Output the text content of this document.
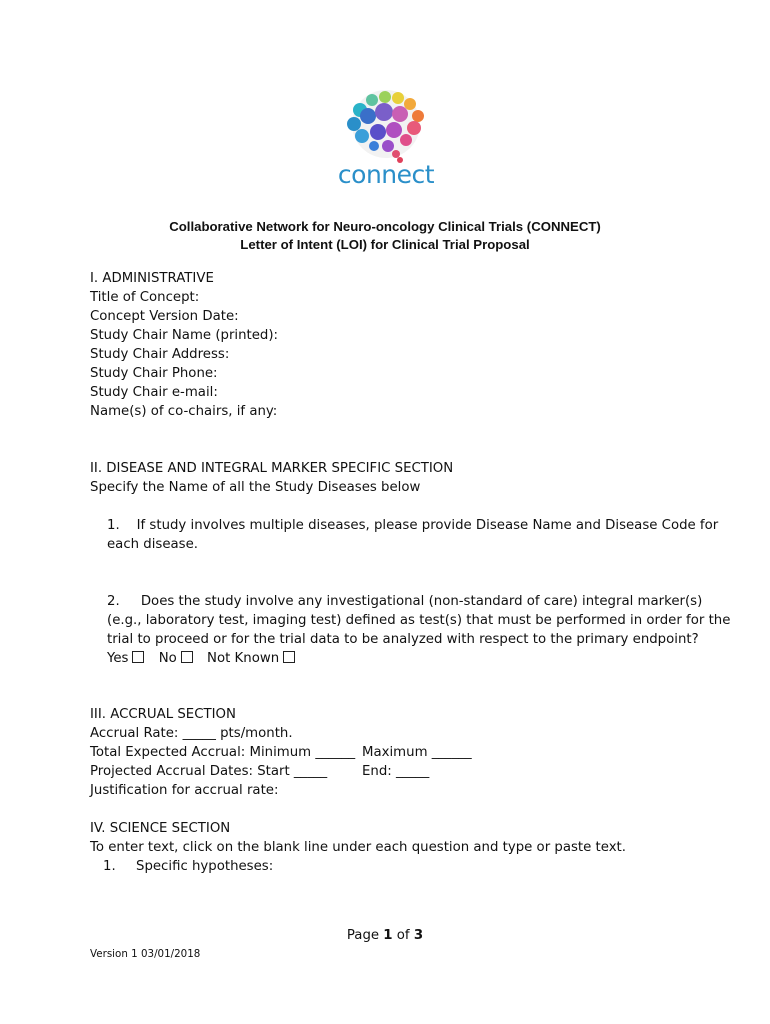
connect
Collaborative Network for Neuro-oncology Clinical Trials (CONNECT)
Letter of Intent (LOI) for Clinical Trial Proposal
I. ADMINISTRATIVE
Title of Concept:
Concept Version Date:
Study Chair Name (printed):
Study Chair Address:
Study Chair Phone:
Study Chair e-mail:
Name(s) of co-chairs, if any:
II. DISEASE AND INTEGRAL MARKER SPECIFIC SECTION
Specify the Name of all the Study Diseases below
1.    If study involves multiple diseases, please provide Disease Name and Disease Code for
each disease.
2.     Does the study involve any investigational (non-standard of care) integral marker(s)
(e.g., laboratory test, imaging test) defined as test(s) that must be performed in order for the
trial to proceed or for the trial data to be analyzed with respect to the primary endpoint?
Yes No Not Known
III. ACCRUAL SECTION
Accrual Rate: _____ pts/month.
Total Expected Accrual: Minimum ______ Maximum ______
Projected Accrual Dates: Start _____	End: _____
Justification for accrual rate:
IV. SCIENCE SECTION
To enter text, click on the blank line under each question and type or paste text.
1. Specific hypotheses:
Page 1 of 3
Version 1 03/01/2018
